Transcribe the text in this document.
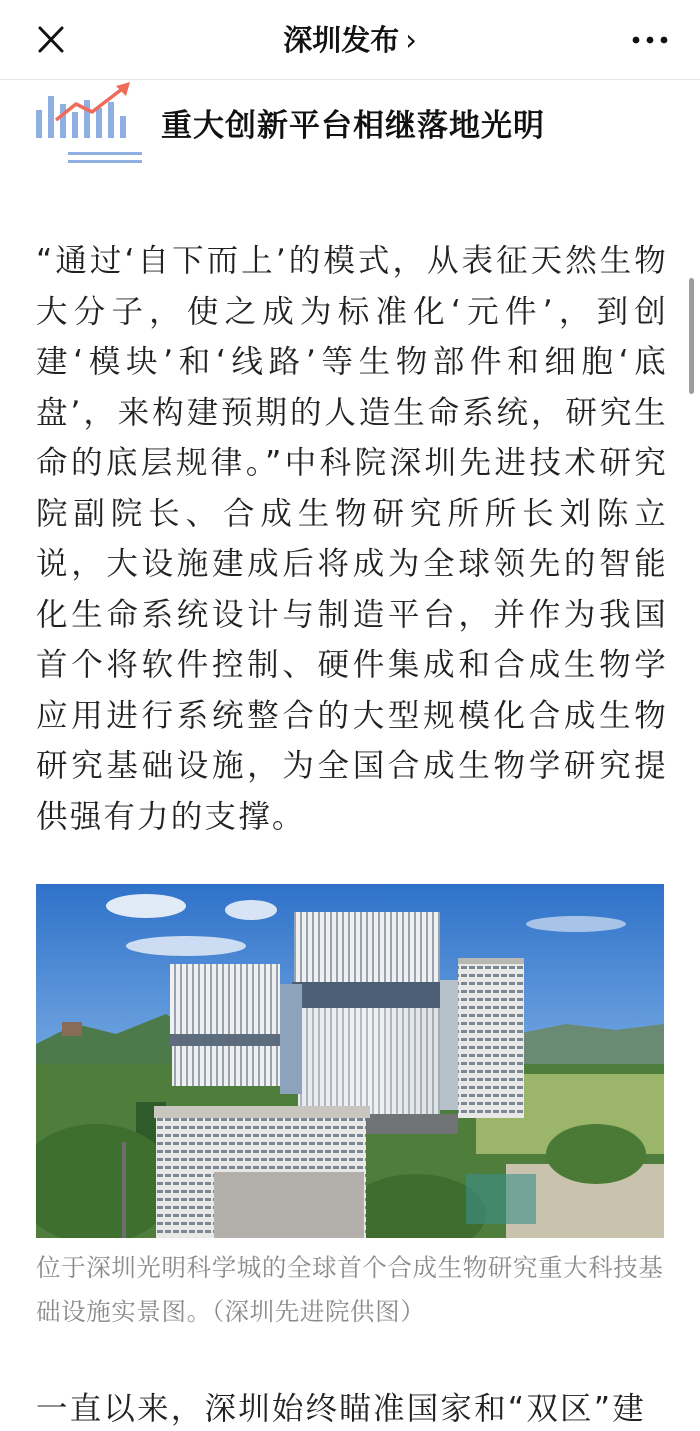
深圳发布 ›
重大创新平台相继落地光明
“通过‘自下而上’的模式，从表征天然生物大分子，使之成为标准化‘元件’，到创建‘模块’和‘线路’等生物部件和细胞‘底盘’，来构建预期的人造生命系统，研究生命的底层规律。”中科院深圳先进技术研究院副院长、合成生物研究所所长刘陈立说，大设施建成后将成为全球领先的智能化生命系统设计与制造平台，并作为我国首个将软件控制、硬件集成和合成生物学应用进行系统整合的大型规模化合成生物研究基础设施，为全国合成生物学研究提供强有力的支撑。
位于深圳光明科学城的全球首个合成生物研究重大科技基础设施实景图。（深圳先进院供图）
一直以来，深圳始终瞄准国家和“双区”建
